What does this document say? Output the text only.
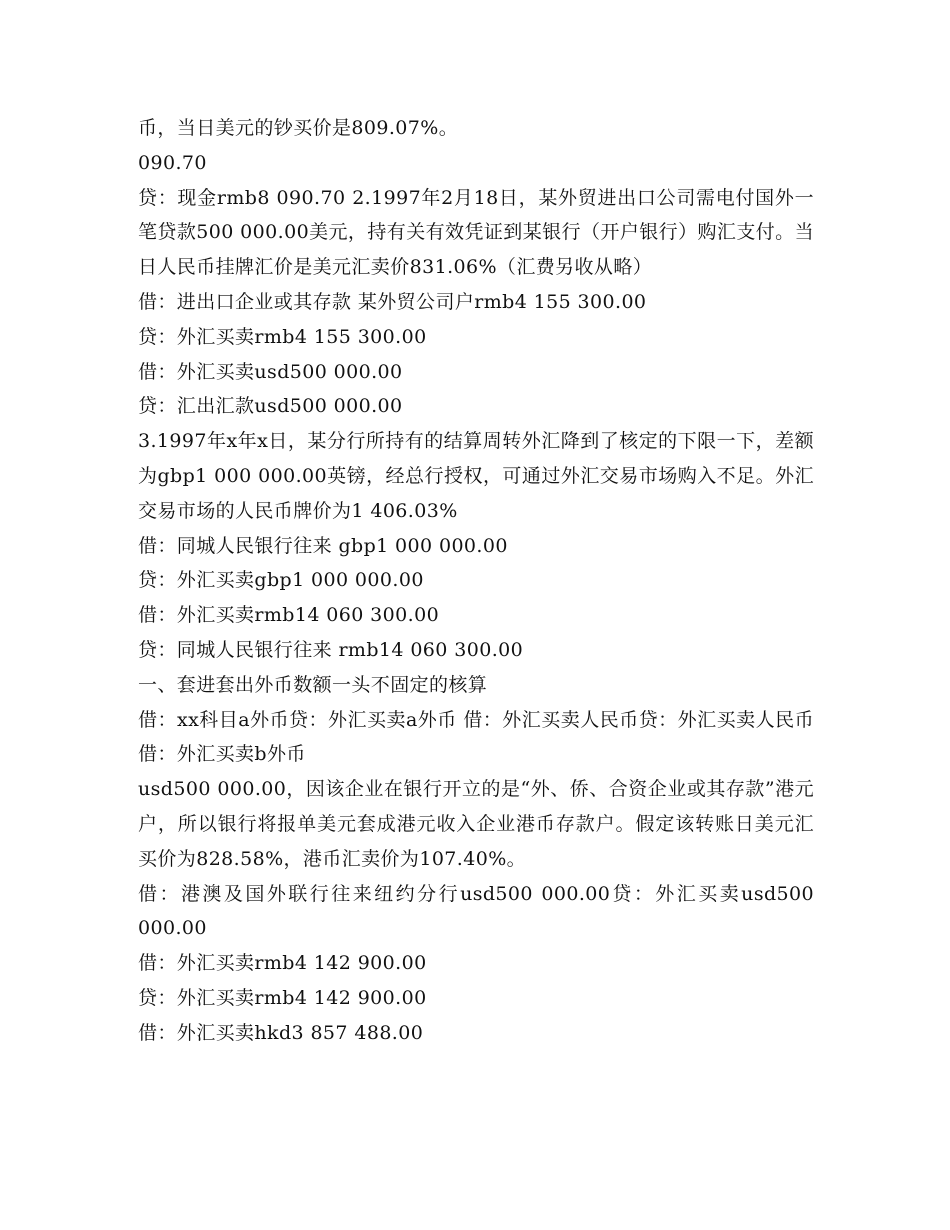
币，当日美元的钞买价是809.07%。

090.70

贷：现金rmb8 090.70 2.1997年2月18日，某外贸进出口公司需电付国外一笔贷款500 000.00美元，持有关有效凭证到某银行（开户银行）购汇支付。当日人民币挂牌汇价是美元汇卖价831.06%（汇费另收从略）

借：进出口企业或其存款 某外贸公司户rmb4 155 300.00

贷：外汇买卖rmb4 155 300.00

借：外汇买卖usd500 000.00

贷：汇出汇款usd500 000.00

3.1997年x年x日，某分行所持有的结算周转外汇降到了核定的下限一下，差额为gbp1 000 000.00英镑，经总行授权，可通过外汇交易市场购入不足。外汇交易市场的人民币牌价为1 406.03%

借：同城人民银行往来 gbp1 000 000.00

贷：外汇买卖gbp1 000 000.00

借：外汇买卖rmb14 060 300.00

贷：同城人民银行往来 rmb14 060 300.00

一、套进套出外币数额一头不固定的核算

借：xx科目a外币贷：外汇买卖a外币 借：外汇买卖人民币贷：外汇买卖人民币 借：外汇买卖b外币

usd500 000.00，因该企业在银行开立的是“外、侨、合资企业或其存款”港元户，所以银行将报单美元套成港元收入企业港币存款户。假定该转账日美元汇买价为828.58%，港币汇卖价为107.40%。

借：港澳及国外联行往来纽约分行usd500 000.00贷：外汇买卖usd500 000.00

借：外汇买卖rmb4 142 900.00

贷：外汇买卖rmb4 142 900.00

借：外汇买卖hkd3 857 488.00
